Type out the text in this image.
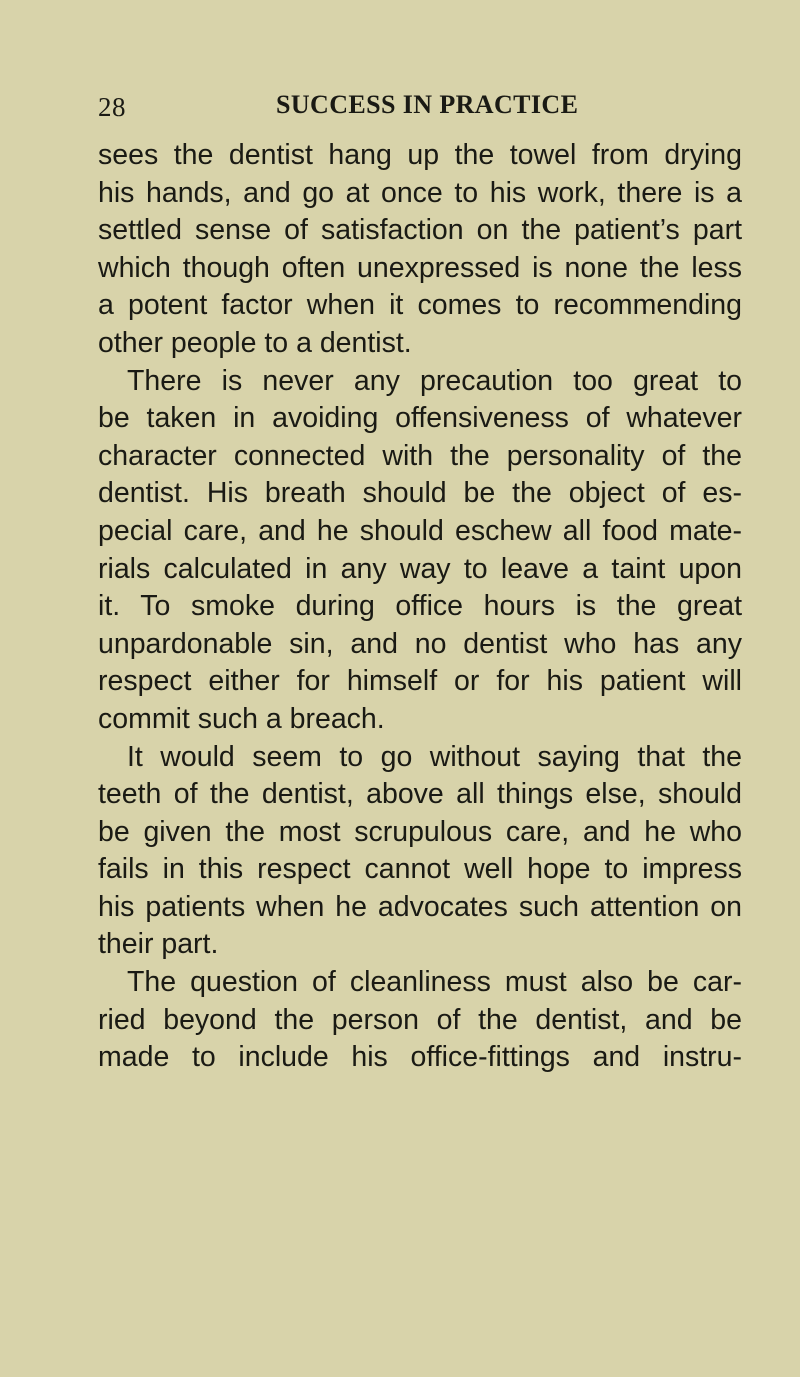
28	SUCCESS IN PRACTICE
sees the dentist hang up the towel from drying
his hands, and go at once to his work, there is a
settled sense of satisfaction on the patient’s part
which though often unexpressed is none the less
a potent factor when it comes to recommending
other people to a dentist.
There is never any precaution too great to
be taken in avoiding offensiveness of whatever
character connected with the personality of the
dentist. His breath should be the object of es-
pecial care, and he should eschew all food mate-
rials calculated in any way to leave a taint upon
it. To smoke during office hours is the great
unpardonable sin, and no dentist who has any
respect either for himself or for his patient will
commit such a breach.
It would seem to go without saying that the
teeth of the dentist, above all things else, should
be given the most scrupulous care, and he who
fails in this respect cannot well hope to impress
his patients when he advocates such attention on
their part.
The question of cleanliness must also be car-
ried beyond the person of the dentist, and be
made to include his office-fittings and instru-
